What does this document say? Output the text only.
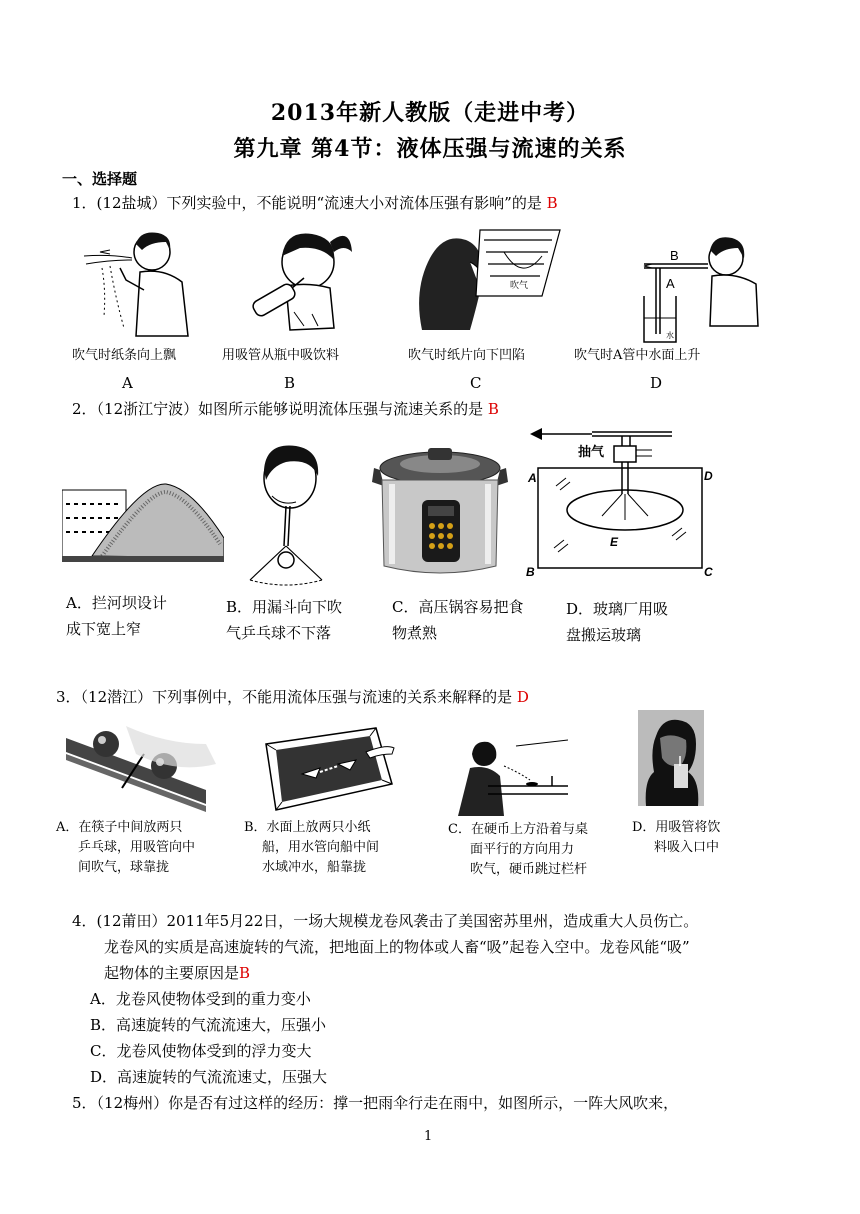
2013年新人教版（走进中考）
第九章 第4节：液体压强与流速的关系
一、选择题
1．(12盐城）下列实验中，不能说明“流速大小对流体压强有影响”的是 B
吹气
B
A
水
吹气时纸条向上飘	用吸管从瓶中吸饮料	吹气时纸片向下凹陷	吹气时A管中水面上升
A	B	C	D
2．（12浙江宁波）如图所示能够说明流体压强与流速关系的是 B
抽气
A	D
E
B	C
A．拦河坝设计
成下宽上窄
B．用漏斗向下吹
气乒乓球不下落
C．高压锅容易把食
物煮熟
D．玻璃厂用吸
盘搬运玻璃
3．（12潜江）下列事例中，不能用流体压强与流速的关系来解释的是 D
A．在筷子中间放两只
乒乓球，用吸管向中
间吹气，球靠拢
B．水面上放两只小纸
船，用水管向船中间
水域冲水，船靠拢
C．在硬币上方沿着与桌
面平行的方向用力
吹气，硬币跳过栏杆
D．用吸管将饮
料吸入口中
4．(12莆田）2011年5月22日，一场大规模龙卷风袭击了美国密苏里州，造成重大人员伤亡。
龙卷风的实质是高速旋转的气流，把地面上的物体或人畜“吸”起卷入空中。龙卷风能“吸”
起物体的主要原因是B
A．龙卷风使物体受到的重力变小
B．高速旋转的气流流速大，压强小
C．龙卷风使物体受到的浮力变大
D．高速旋转的气流流速丈，压强大
5．（12梅州）你是否有过这样的经历：撑一把雨伞行走在雨中，如图所示，一阵大风吹来，
1
